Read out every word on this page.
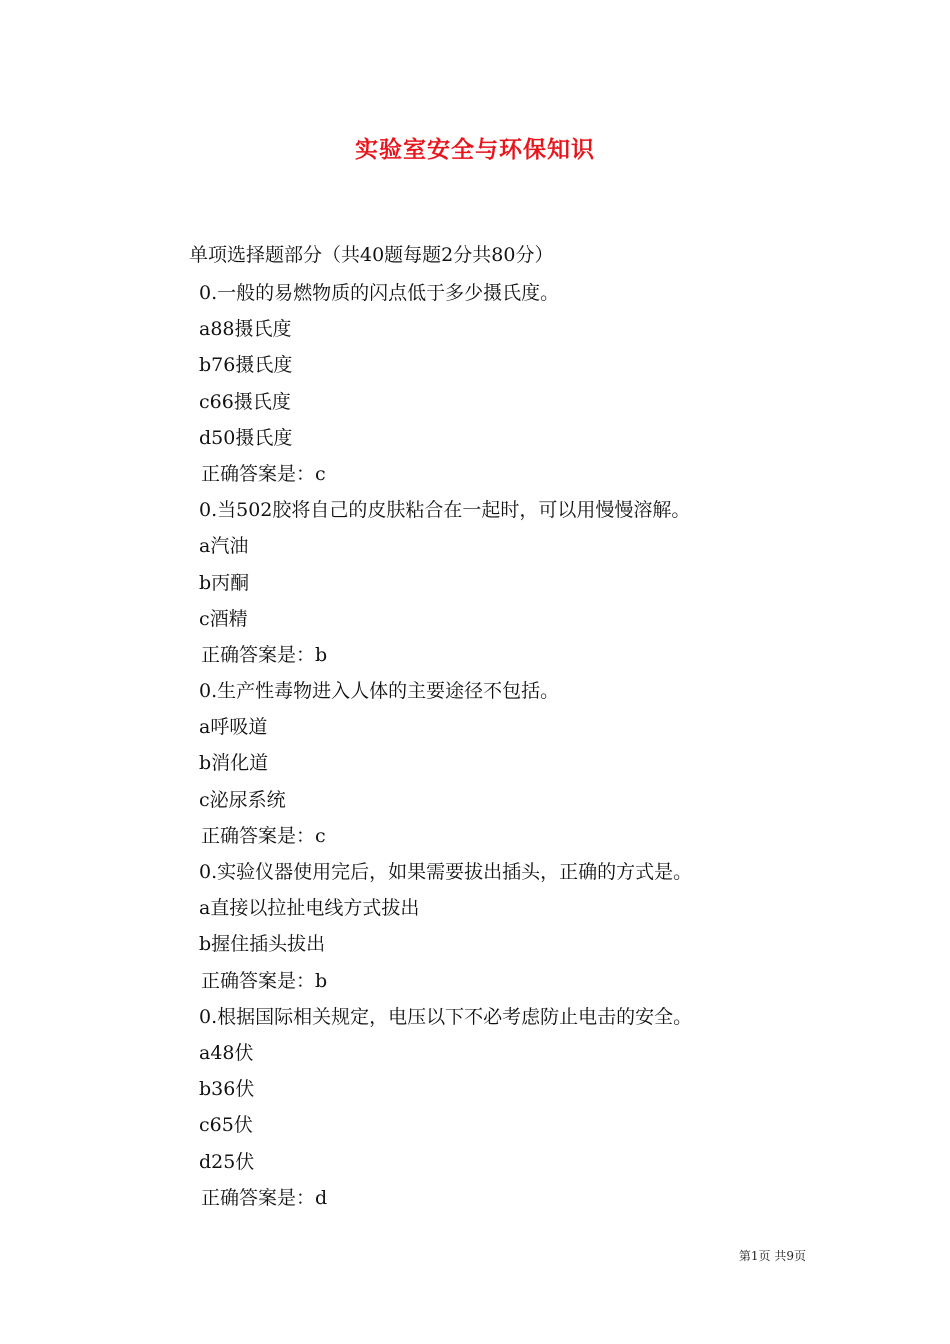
实验室安全与环保知识

单项选择题部分（共40题每题2分共80分）

0.一般的易燃物质的闪点低于多少摄氏度。
a88摄氏度
b76摄氏度
c66摄氏度
d50摄氏度
正确答案是：c
0.当502胶将自己的皮肤粘合在一起时，可以用慢慢溶解。
a汽油
b丙酮
c酒精
正确答案是：b
0.生产性毒物进入人体的主要途径不包括。
a呼吸道
b消化道
c泌尿系统
正确答案是：c
0.实验仪器使用完后，如果需要拔出插头，正确的方式是。
a直接以拉扯电线方式拔出
b握住插头拔出
正确答案是：b
0.根据国际相关规定，电压以下不必考虑防止电击的安全。
a48伏
b36伏
c65伏
d25伏
正确答案是：d
第1页 共9页
